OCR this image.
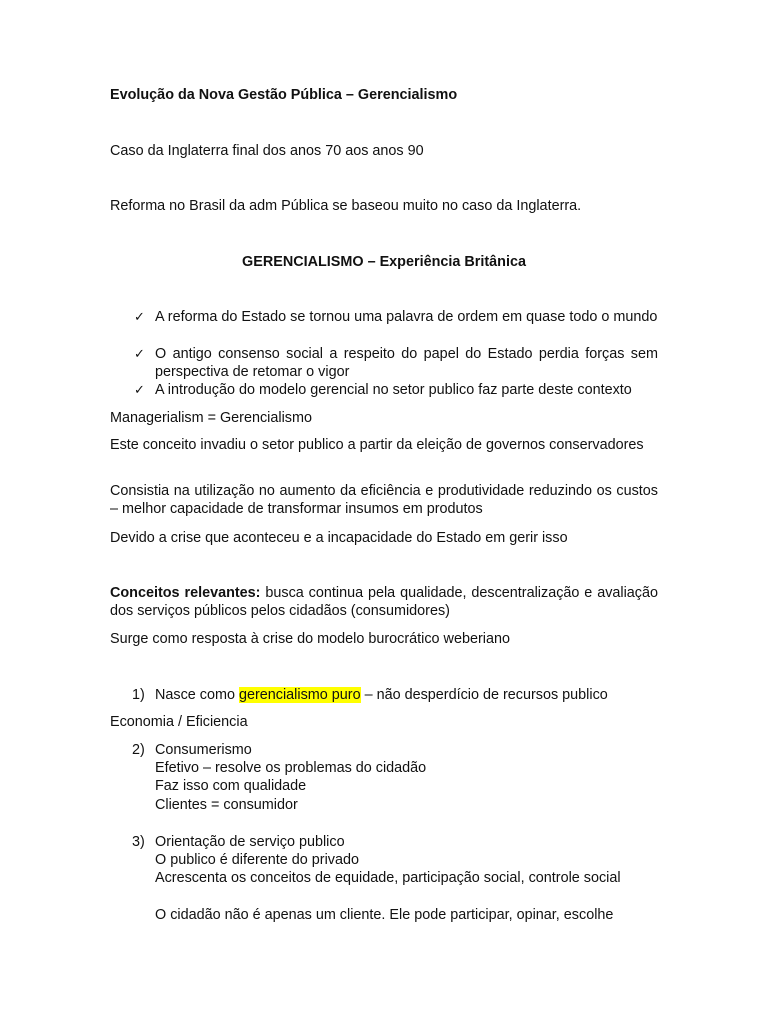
Evolução da Nova Gestão Pública – Gerencialismo

Caso da Inglaterra final dos anos 70 aos anos 90

Reforma no Brasil da adm Pública se baseou muito no caso da Inglaterra.

GERENCIALISMO – Experiência Britânica

✓ A reforma do Estado se tornou uma palavra de ordem em quase todo o mundo

✓ O antigo consenso social a respeito do papel do Estado perdia forças sem perspectiva de retomar o vigor

✓ A introdução do modelo gerencial no setor publico faz parte deste contexto

Managerialism = Gerencialismo

Este conceito invadiu o setor publico a partir da eleição de governos conservadores

Consistia na utilização no aumento da eficiência e produtividade reduzindo os custos – melhor capacidade de transformar insumos em produtos

Devido a crise que aconteceu e a incapacidade do Estado em gerir isso

Conceitos relevantes: busca continua pela qualidade, descentralização e avaliação dos serviços públicos pelos cidadãos (consumidores)

Surge como resposta à crise do modelo burocrático weberiano

1) Nasce como gerencialismo puro – não desperdício de recursos publico

Economia / Eficiencia

2) Consumerismo

Efetivo – resolve os problemas do cidadão

Faz isso com qualidade

Clientes = consumidor

3) Orientação de serviço publico

O publico é diferente do privado

Acrescenta os conceitos de equidade, participação social, controle social

O cidadão não é apenas um cliente. Ele pode participar, opinar, escolhe
